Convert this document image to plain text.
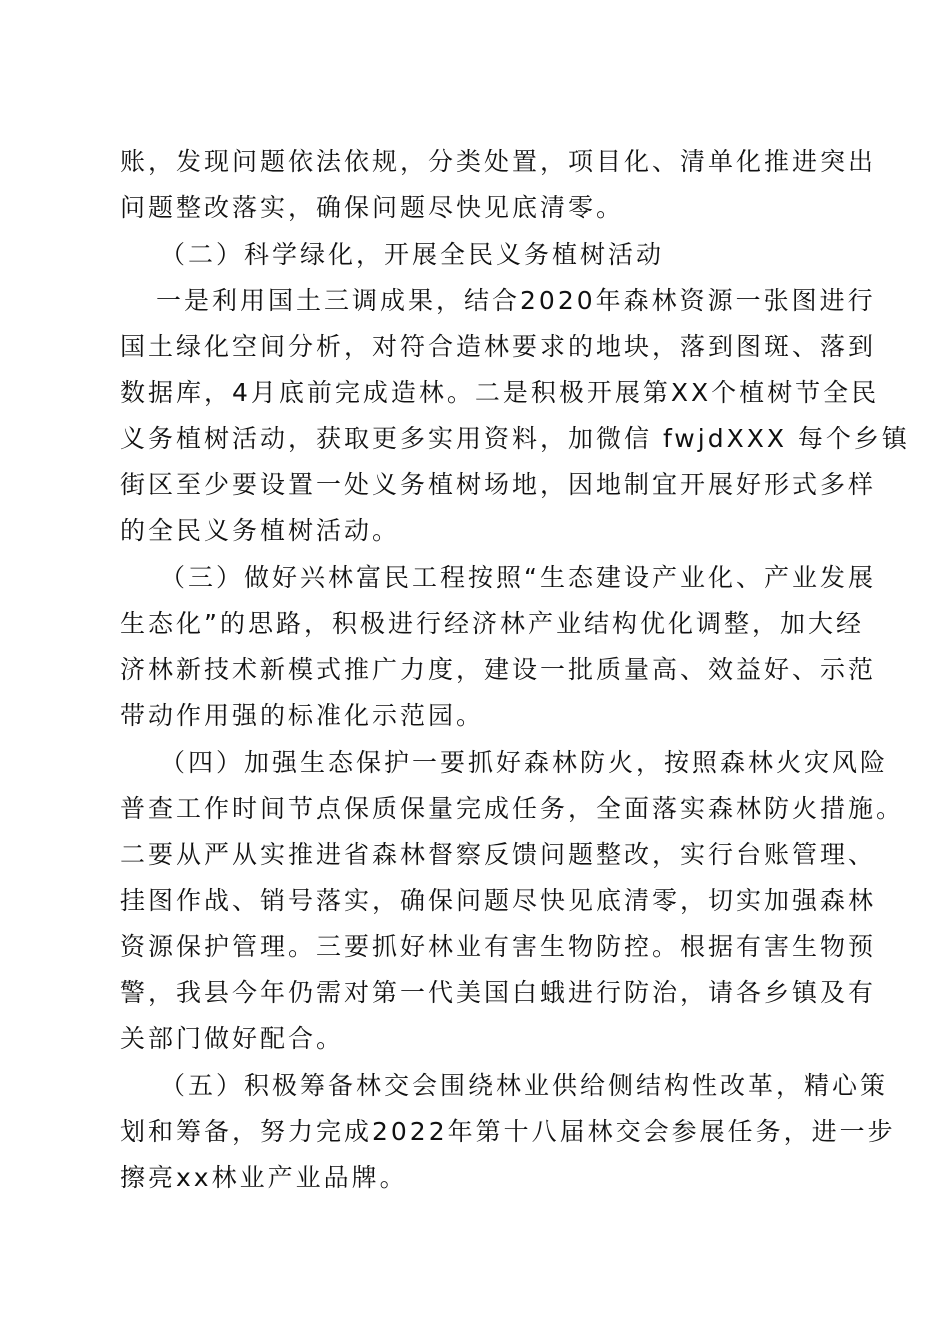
账，发现问题依法依规，分类处置，项目化、清单化推进突出
问题整改落实，确保问题尽快见底清零。
（二）科学绿化，开展全民义务植树活动
一是利用国土三调成果，结合2020年森林资源一张图进行
国土绿化空间分析，对符合造林要求的地块，落到图斑、落到
数据库，4月底前完成造林。二是积极开展第XX个植树节全民
义务植树活动，获取更多实用资料，加微信 fwjdXXX 每个乡镇
街区至少要设置一处义务植树场地，因地制宜开展好形式多样
的全民义务植树活动。
（三）做好兴林富民工程按照“生态建设产业化、产业发展
生态化”的思路，积极进行经济林产业结构优化调整，加大经
济林新技术新模式推广力度，建设一批质量高、效益好、示范
带动作用强的标准化示范园。
（四）加强生态保护一要抓好森林防火，按照森林火灾风险
普查工作时间节点保质保量完成任务，全面落实森林防火措施。
二要从严从实推进省森林督察反馈问题整改，实行台账管理、
挂图作战、销号落实，确保问题尽快见底清零，切实加强森林
资源保护管理。三要抓好林业有害生物防控。根据有害生物预
警，我县今年仍需对第一代美国白蛾进行防治，请各乡镇及有
关部门做好配合。
（五）积极筹备林交会围绕林业供给侧结构性改革，精心策
划和筹备，努力完成2022年第十八届林交会参展任务，进一步
擦亮xx林业产业品牌。
